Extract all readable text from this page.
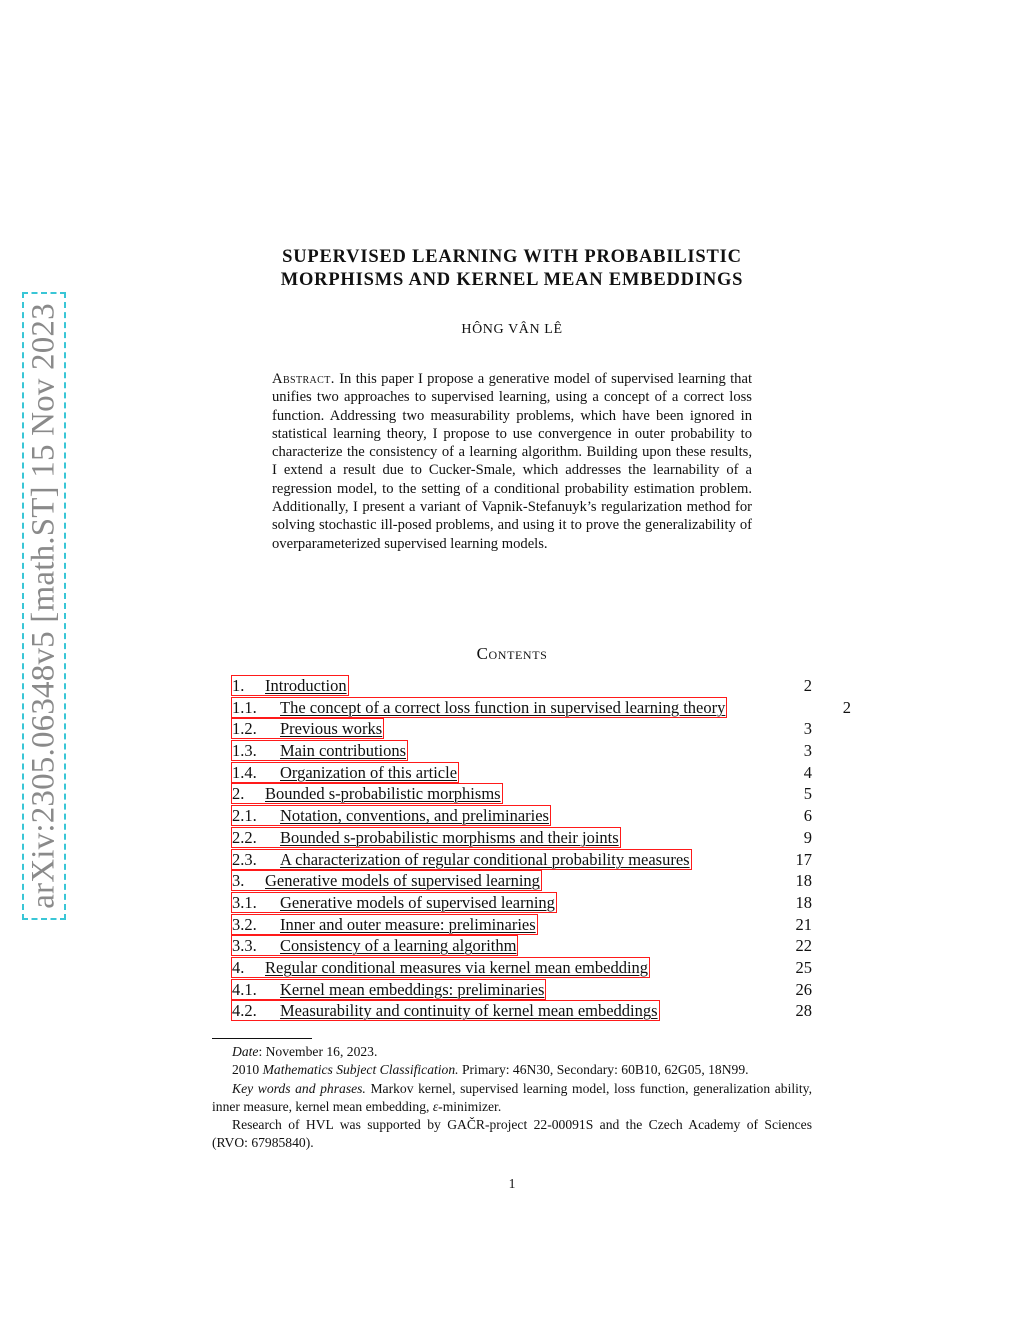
arXiv:2305.06348v5 [math.ST] 15 Nov 2023
SUPERVISED LEARNING WITH PROBABILISTIC
MORPHISMS AND KERNEL MEAN EMBEDDINGS
HÔNG VÂN LÊ
Abstract. In this paper I propose a generative model of supervised learning that unifies two approaches to supervised learning, using a concept of a correct loss function. Addressing two measurability problems, which have been ignored in statistical learning theory, I propose to use convergence in outer probability to characterize the consistency of a learning algorithm. Building upon these results, I extend a result due to Cucker-Smale, which addresses the learnability of a regression model, to the setting of a conditional probability estimation problem. Additionally, I present a variant of Vapnik-Stefanuyk’s regularization method for solving stochastic ill-posed problems, and using it to prove the generalizability of overparameterized supervised learning models.
Contents
1. Introduction	2
1.1. The concept of a correct loss function in supervised learning theory	2
1.2. Previous works	3
1.3. Main contributions	3
1.4. Organization of this article	4
2. Bounded s-probabilistic morphisms	5
2.1. Notation, conventions, and preliminaries	6
2.2. Bounded s-probabilistic morphisms and their joints	9
2.3. A characterization of regular conditional probability measures	17
3. Generative models of supervised learning	18
3.1. Generative models of supervised learning	18
3.2. Inner and outer measure: preliminaries	21
3.3. Consistency of a learning algorithm	22
4. Regular conditional measures via kernel mean embedding	25
4.1. Kernel mean embeddings: preliminaries	26
4.2. Measurability and continuity of kernel mean embeddings	28

Date: November 16, 2023.

2010 Mathematics Subject Classification. Primary: 46N30, Secondary: 60B10, 62G05, 18N99.

Key words and phrases. Markov kernel, supervised learning model, loss function, generalization ability, inner measure, kernel mean embedding, ε-minimizer.

Research of HVL was supported by GAČR-project 22-00091S and the Czech Academy of Sciences (RVO: 67985840).

1
